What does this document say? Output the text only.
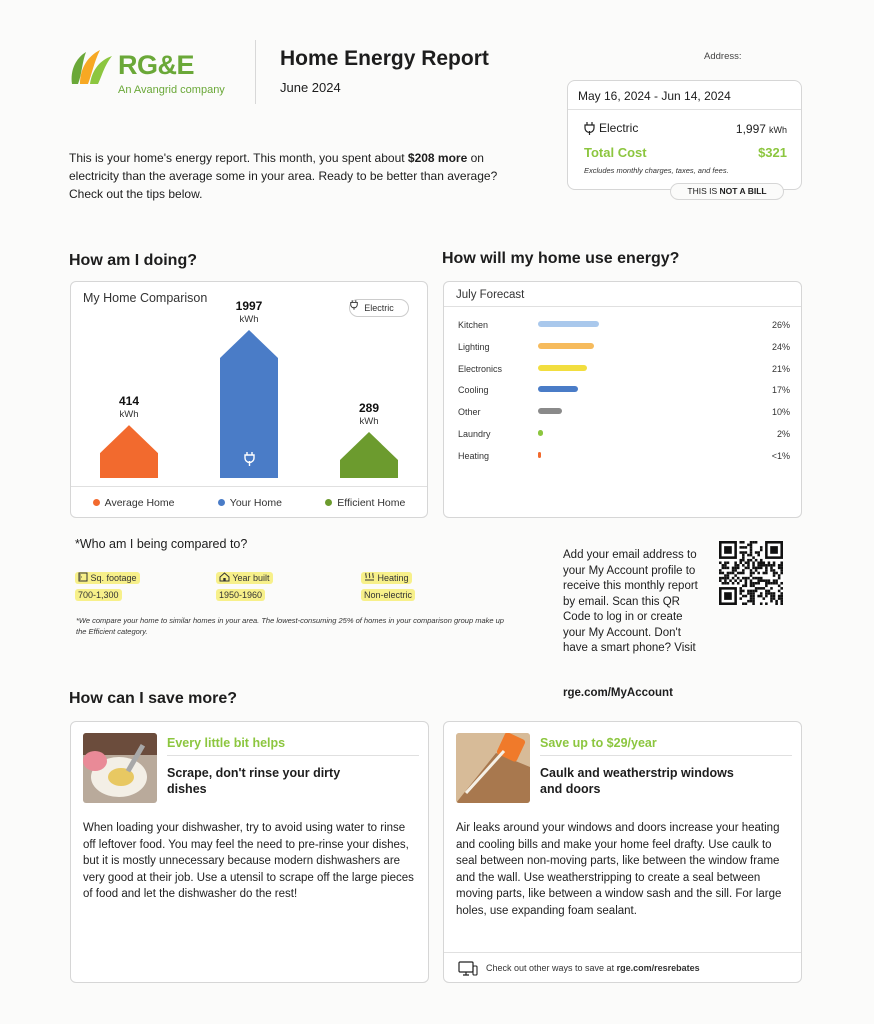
RG&E
An Avangrid company
Home Energy Report
June 2024
Address:
May 16, 2024 - Jun 14, 2024
Electric	1,997 kWh
Total Cost	$321
Excludes monthly charges, taxes, and fees.
THIS IS NOT A BILL
This is your home's energy report. This month, you spent about $208 more on electricity than the average some in your area. Ready to be better than average? Check out the tips below.
How am I doing?	How will my home use energy?
My Home Comparison
Electric
414
kWh
1997
kWh
289
kWh
Average Home	Your Home	Efficient Home
July Forecast
Kitchen	26%
Lighting	24%
Electronics	21%
Cooling	17%
Other	10%
Laundry	2%
Heating	<1%
*Who am I being compared to?
Sq. footage
700-1,300
Year built
1950-1960
Heating
Non-electric
*We compare your home to similar homes in your area. The lowest-consuming 25% of homes in your comparison group make up the Efficient category.
Add your email address to your My Account profile to receive this monthly report by email. Scan this QR Code to log in or create your My Account. Don't have a smart phone? Visit
rge.com/MyAccount
How can I save more?
Every little bit helps
Scrape, don't rinse your dirty dishes
When loading your dishwasher, try to avoid using water to rinse off leftover food. You may feel the need to pre-rinse your dishes, but it is mostly unnecessary because modern dishwashers are very good at their job. Use a utensil to scrape off the large pieces of food and let the dishwasher do the rest!
Save up to $29/year
Caulk and weatherstrip windows and doors
Air leaks around your windows and doors increase your heating and cooling bills and make your home feel drafty. Use caulk to seal between non-moving parts, like between the window frame and the wall. Use weatherstripping to create a seal between moving parts, like between a window sash and the sill. For large holes, use expanding foam sealant.
Check out other ways to save at rge.com/resrebates
